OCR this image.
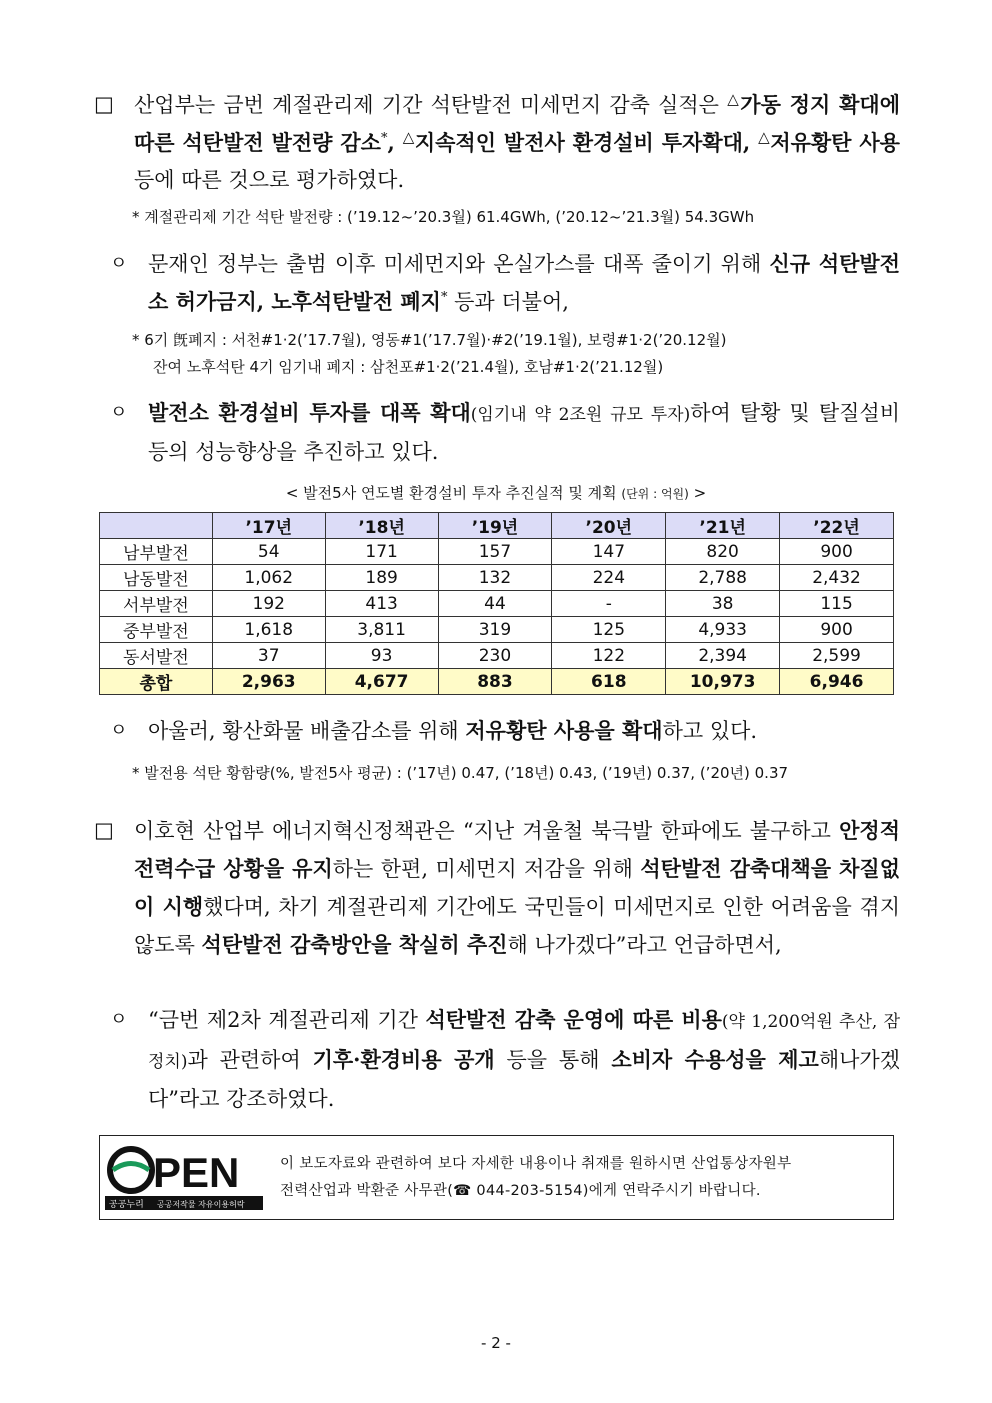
□ 산업부는 금번 계절관리제 기간 석탄발전 미세먼지 감축 실적은 △가동 정지 확대에 따른 석탄발전 발전량 감소*, △지속적인 발전사 환경설비 투자확대, △저유황탄 사용 등에 따른 것으로 평가하였다.
* 계절관리제 기간 석탄 발전량 : (’19.12~’20.3월) 61.4GWh, (’20.12~’21.3월) 54.3GWh
ㅇ 문재인 정부는 출범 이후 미세먼지와 온실가스를 대폭 줄이기 위해 신규 석탄발전소 허가금지, 노후석탄발전 폐지* 등과 더불어,
* 6기 旣폐지 : 서천#1·2(’17.7월), 영동#1(’17.7월)·#2(’19.1월), 보령#1·2(’20.12월)
잔여 노후석탄 4기 임기내 폐지 : 삼천포#1·2(’21.4월), 호남#1·2(’21.12월)
ㅇ 발전소 환경설비 투자를 대폭 확대(임기내 약 2조원 규모 투자)하여 탈황 및 탈질설비 등의 성능향상을 추진하고 있다.
< 발전5사 연도별 환경설비 투자 추진실적 및 계획 (단위 : 억원) >
	’17년	’18년	’19년	’20년	’21년	’22년
남부발전	54	171	157	147	820	900
남동발전	1,062	189	132	224	2,788	2,432
서부발전	192	413	44	-	38	115
중부발전	1,618	3,811	319	125	4,933	900
동서발전	37	93	230	122	2,394	2,599
총합	2,963	4,677	883	618	10,973	6,946
ㅇ 아울러, 황산화물 배출감소를 위해 저유황탄 사용을 확대하고 있다.
* 발전용 석탄 황함량(%, 발전5사 평균) : (’17년) 0.47, (’18년) 0.43, (’19년) 0.37, (’20년) 0.37
□ 이호현 산업부 에너지혁신정책관은 “지난 겨울철 북극발 한파에도 불구하고 안정적 전력수급 상황을 유지하는 한편, 미세먼지 저감을 위해 석탄발전 감축대책을 차질없이 시행했다며, 차기 계절관리제 기간에도 국민들이 미세먼지로 인한 어려움을 겪지 않도록 석탄발전 감축방안을 착실히 추진해 나가겠다”라고 언급하면서,
ㅇ “금번 제2차 계절관리제 기간 석탄발전 감축 운영에 따른 비용(약 1,200억원 추산, 잠정치)과 관련하여 기후·환경비용 공개 등을 통해 소비자 수용성을 제고해나가겠다”라고 강조하였다.
PEN
공공누리 공공저작물 자유이용허락
이 보도자료와 관련하여 보다 자세한 내용이나 취재를 원하시면 산업통상자원부
전력산업과 박환준 사무관(☎ 044-203-5154)에게 연락주시기 바랍니다.
- 2 -
